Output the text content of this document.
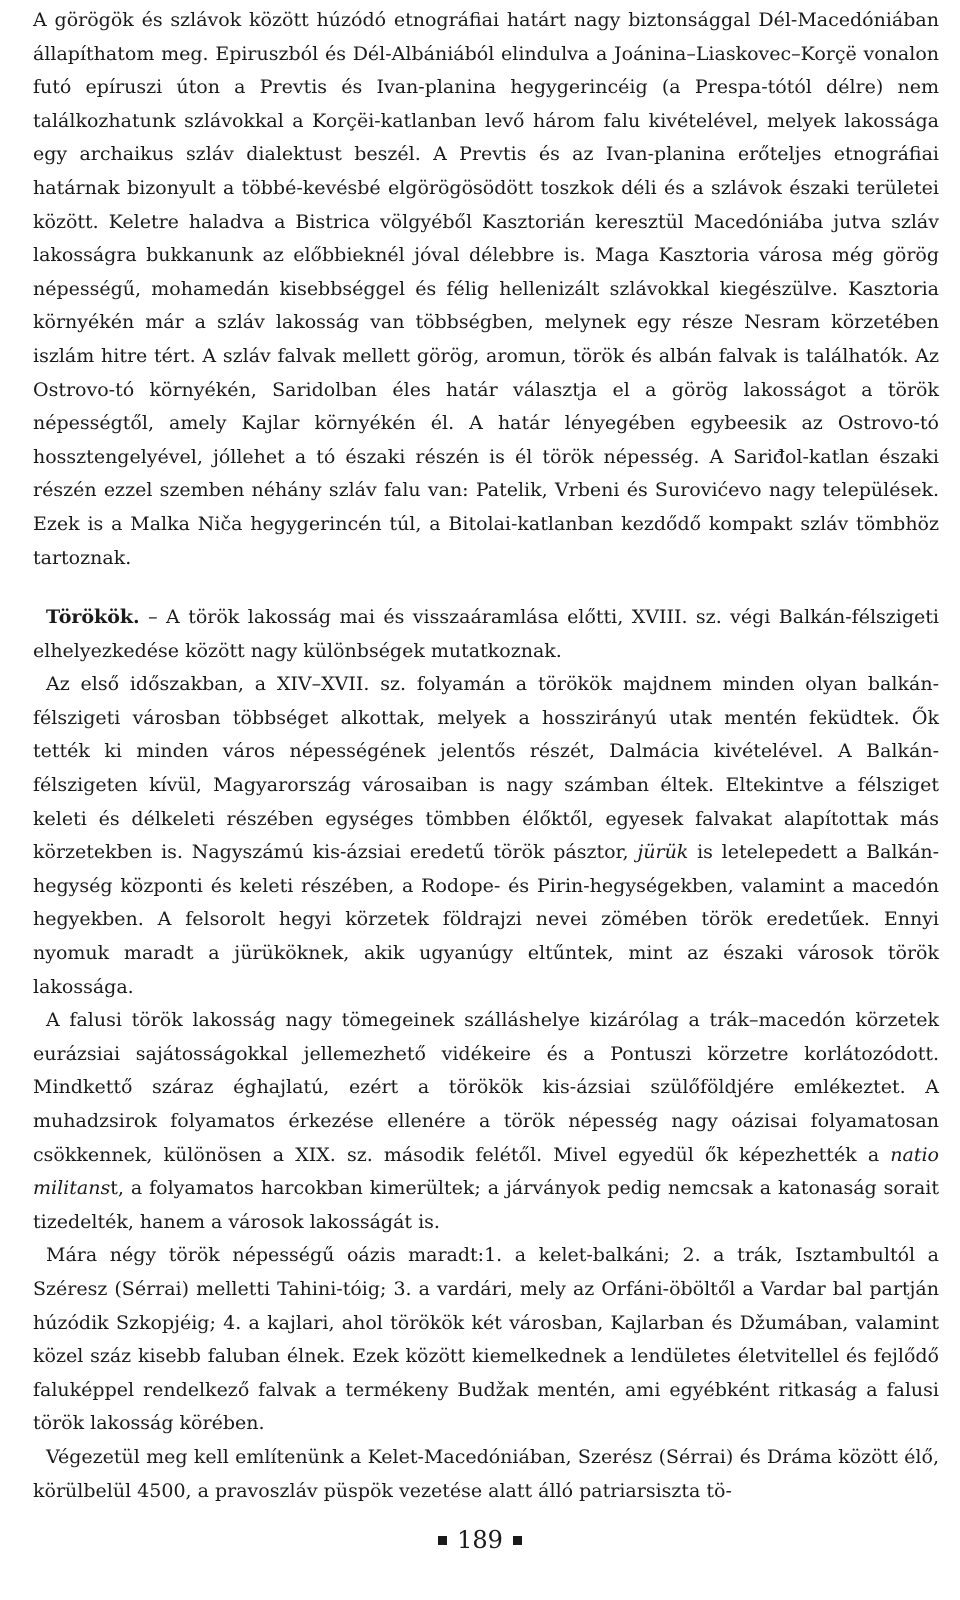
A görögök és szlávok között húzódó etnográfiai határt nagy biztonsággal Dél-Macedóniában állapíthatom meg. Epiruszból és Dél-Albániából elindulva a Joánina–Liaskovec–Korçë vonalon futó epíruszi úton a Prevtis és Ivan-planina hegygerincéig (a Prespa-tótól délre) nem találkozhatunk szlávokkal a Korçëi-katlanban levő három falu kivételével, melyek lakossága egy archaikus szláv dialektust beszél. A Prevtis és az Ivan-planina erőteljes etnográfiai határnak bizonyult a többé-kevésbé elgörögösödött toszkok déli és a szlávok északi területei között. Keletre haladva a Bistrica völgyéből Kasztorián keresztül Macedóniába jutva szláv lakosságra bukkanunk az előbbieknél jóval délebbre is. Maga Kasztoria városa még görög népességű, mohamedán kisebbséggel és félig hellenizált szlávokkal kiegészülve. Kasztoria környékén már a szláv lakosság van többségben, melynek egy része Nesram körzetében iszlám hitre tért. A szláv falvak mellett görög, aromun, török és albán falvak is találhatók. Az Ostrovo-tó környékén, Saridolban éles határ választja el a görög lakosságot a török népességtől, amely Kajlar környékén él. A határ lényegében egybeesik az Ostrovo-tó hossztengelyével, jóllehet a tó északi részén is él török népesség. A Sariđol-katlan északi részén ezzel szemben néhány szláv falu van: Patelik, Vrbeni és Surovićevo nagy települések. Ezek is a Malka Niča hegygerincén túl, a Bitolai-katlanban kezdődő kompakt szláv tömbhöz tartoznak.

Törökök. – A török lakosság mai és visszaáramlása előtti, XVIII. sz. végi Balkán-félszigeti elhelyezkedése között nagy különbségek mutatkoznak.

Az első időszakban, a XIV–XVII. sz. folyamán a törökök majdnem minden olyan balkán-félszigeti városban többséget alkottak, melyek a hosszirányú utak mentén feküdtek. Ők tették ki minden város népességének jelentős részét, Dalmácia kivételével. A Balkán-félszigeten kívül, Magyarország városaiban is nagy számban éltek. Eltekintve a félsziget keleti és délkeleti részében egységes tömbben élőktől, egyesek falvakat alapítottak más körzetekben is. Nagyszámú kis-ázsiai eredetű török pásztor, jürük is letelepedett a Balkán-hegység központi és keleti részében, a Rodope- és Pirin-hegységekben, valamint a macedón hegyekben. A felsorolt hegyi körzetek földrajzi nevei zömében török eredetűek. Ennyi nyomuk maradt a jürüköknek, akik ugyanúgy eltűntek, mint az északi városok török lakossága.

A falusi török lakosság nagy tömegeinek szálláshelye kizárólag a trák–macedón körzetek eurázsiai sajátosságokkal jellemezhető vidékeire és a Pontuszi körzetre korlátozódott. Mindkettő száraz éghajlatú, ezért a törökök kis-ázsiai szülőföldjére emlékeztet. A muhadzsirok folyamatos érkezése ellenére a török népesség nagy oázisai folyamatosan csökkennek, különösen a XIX. sz. második felétől. Mivel egyedül ők képezhették a natio militanst, a folyamatos harcokban kimerültek; a járványok pedig nemcsak a katonaság sorait tizedelték, hanem a városok lakosságát is.

Mára négy török népességű oázis maradt:1. a kelet-balkáni; 2. a trák, Isztambultól a Széresz (Sérrai) melletti Tahini-tóig; 3. a vardári, mely az Orfáni-öböltől a Vardar bal partján húzódik Szkopjéig; 4. a kajlari, ahol törökök két városban, Kajlarban és Džumában, valamint közel száz kisebb faluban élnek. Ezek között kiemelkednek a lendületes életvitellel és fejlődő faluképpel rendelkező falvak a termékeny Budžak mentén, ami egyébként ritkaság a falusi török lakosság körében.

Végezetül meg kell említenünk a Kelet-Macedóniában, Szerész (Sérrai) és Dráma között élő, körülbelül 4500, a pravoszláv püspök vezetése alatt álló patriarsiszta tö-

189
